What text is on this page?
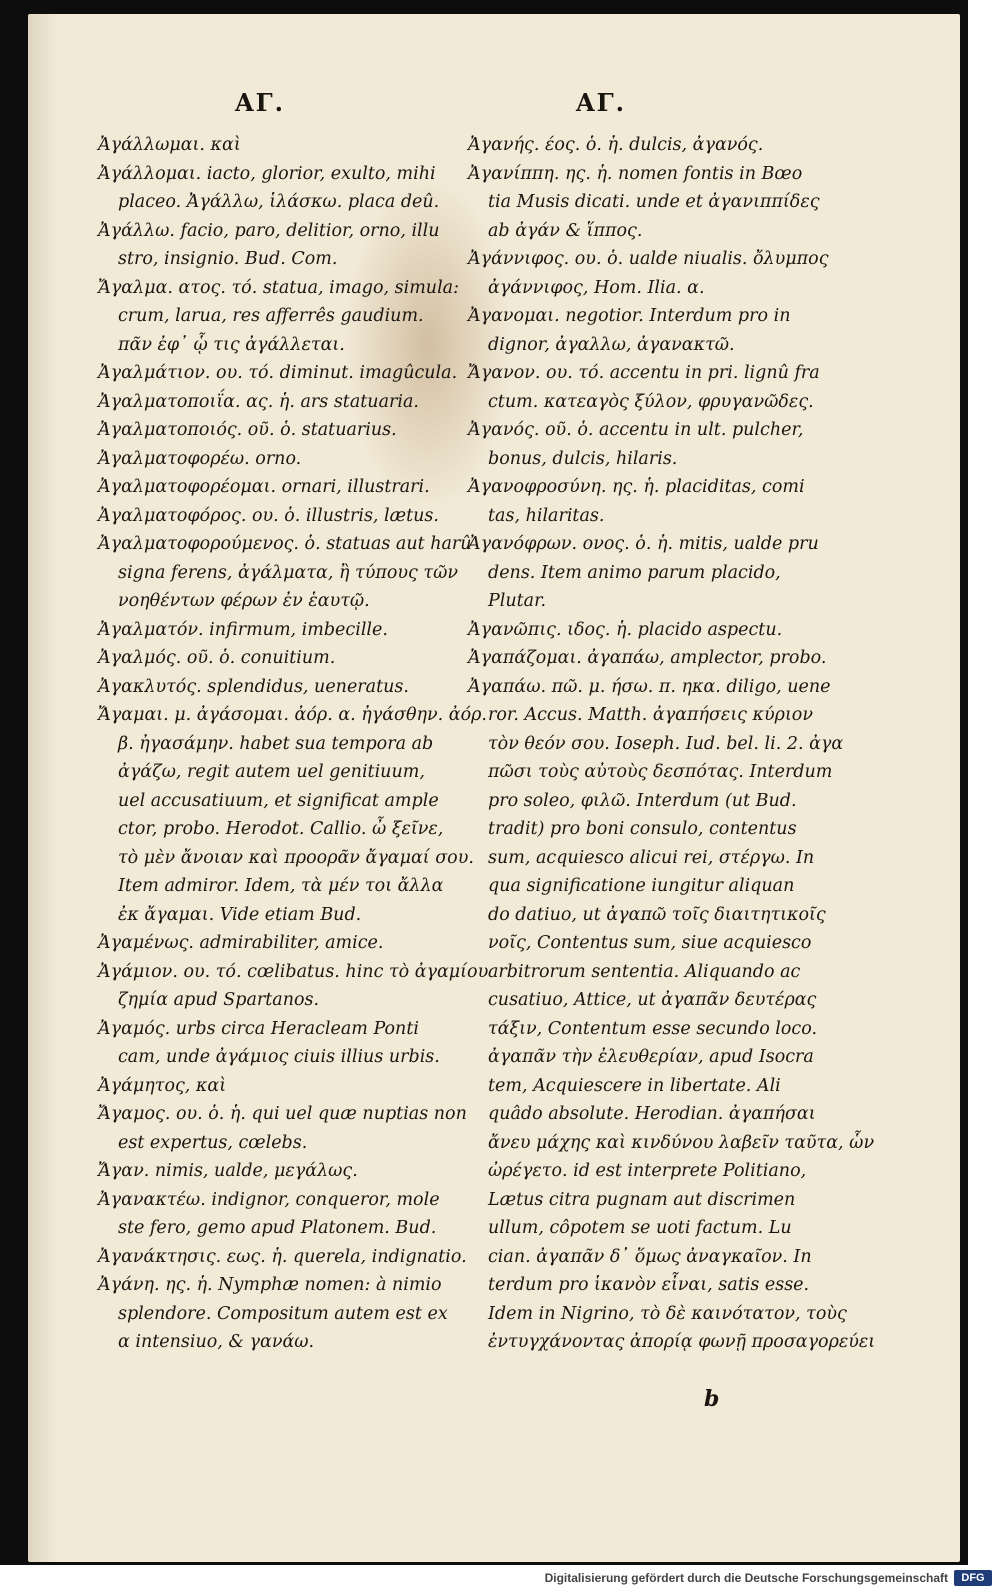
AΓ.	AΓ.
Ἀγάλλωμαι. καὶ
Ἀγάλλομαι. iacto, glorior, exulto, mihi
placeo. Ἀγάλλω, ἱλάσκω. placa deû.
Ἀγάλλω. facio, paro, delitior, orno, illu
stro, insignio. Bud. Com.
Ἄγαλμα. ατος. τό. statua, imago, simula:
crum, larua, res afferrês gaudium.
πᾶν ἐφ᾽ ᾧ τις ἀγάλλεται.
Ἀγαλμάτιον. ου. τό. diminut. imagûcula.
Ἀγαλματοποιΐα. ας. ἡ. ars statuaria.
Ἀγαλματοποιός. οῦ. ὁ. statuarius.
Ἀγαλματοφορέω. orno.
Ἀγαλματοφορέομαι. ornari, illustrari.
Ἀγαλματοφόρος. ου. ὁ. illustris, lætus.
Ἀγαλματοφορούμενος. ὁ. statuas aut harû
signa ferens, ἀγάλματα, ἢ τύπους τῶν
νοηθέντων φέρων ἐν ἑαυτῷ.
Ἀγαλματόν. infirmum, imbecille.
Ἀγαλμός. οῦ. ὁ. conuitium.
Ἀγακλυτός. splendidus, ueneratus.
Ἄγαμαι. μ. ἀγάσομαι. ἀόρ. α. ἠγάσθην. ἀόρ.
β. ἠγασάμην. habet sua tempora ab
ἀγάζω, regit autem uel genitiuum,
uel accusatiuum, et significat ample
ctor, probo. Herodot. Callio. ὦ ξεῖνε,
τὸ μὲν ἄνοιαν καὶ προορᾶν ἄγαμαί σου.
Item admiror. Idem, τὰ μέν τοι ἄλλα
ἐκ ἄγαμαι. Vide etiam Bud.
Ἀγαμένως. admirabiliter, amice.
Ἀγάμιον. ου. τό. cœlibatus. hinc τὸ ἀγαμίου
ζημία apud Spartanos.
Ἀγαμός. urbs circa Heracleam Ponti
cam, unde ἀγάμιος ciuis illius urbis.
Ἀγάμητος, καὶ
Ἄγαμος. ου. ὁ. ἡ. qui uel quæ nuptias non
est expertus, cœlebs.
Ἄγαν. nimis, ualde, μεγάλως.
Ἀγανακτέω. indignor, conqueror, mole
ste fero, gemo apud Platonem. Bud.
Ἀγανάκτησις. εως. ἡ. querela, indignatio.
Ἀγάνη. ης. ἡ. Nymphæ nomen: à nimio
splendore. Compositum autem est ex
α intensiuo, & γανάω.
Ἀγανής. έος. ὁ. ἡ. dulcis, ἀγανός.
Ἀγανίππη. ης. ἡ. nomen fontis in Bœo
tia Musis dicati. unde et ἀγανιππίδες
ab ἀγάν & ἵππος.
Ἀγάννιφος. ου. ὁ. ualde niualis. ὄλυμπος
ἀγάννιφος, Hom. Ilia. α.
Ἀγανομαι. negotior. Interdum pro in
dignor, ἀγαλλω, ἀγανακτῶ.
Ἄγανον. ου. τό. accentu in pri. lignû fra
ctum. κατεαγὸς ξύλον, φρυγανῶδες.
Ἀγανός. οῦ. ὁ. accentu in ult. pulcher,
bonus, dulcis, hilaris.
Ἀγανοφροσύνη. ης. ἡ. placiditas, comi
tas, hilaritas.
Ἀγανόφρων. ονος. ὁ. ἡ. mitis, ualde pru
dens. Item animo parum placido,
Plutar.
Ἀγανῶπις. ιδος. ἡ. placido aspectu.
Ἀγαπάζομαι. ἀγαπάω, amplector, probo.
Ἀγαπάω. πῶ. μ. ήσω. π. ηκα. diligo, uene
ror. Accus. Matth. ἀγαπήσεις κύριον
τὸν θεόν σου. Ioseph. Iud. bel. li. 2. ἀγα
πῶσι τοὺς αὐτοὺς δεσπότας. Interdum
pro soleo, φιλῶ. Interdum (ut Bud.
tradit) pro boni consulo, contentus
sum, acquiesco alicui rei, στέργω. In
qua significatione iungitur aliquan
do datiuo, ut ἀγαπῶ τοῖς διαιτητικοῖς
νοῖς, Contentus sum, siue acquiesco
arbitrorum sententia. Aliquando ac
cusatiuo, Attice, ut ἀγαπᾶν δευτέρας
τάξιν, Contentum esse secundo loco.
ἀγαπᾶν τὴν ἐλευθερίαν, apud Isocra
tem, Acquiescere in libertate. Ali
quâdo absolute. Herodian. ἀγαπήσαι
ἄνευ μάχης καὶ κινδύνου λαβεῖν ταῦτα, ὧν
ὠρέγετο. id est interprete Politiano,
Lætus citra pugnam aut discrimen
ullum, côpotem se uoti factum. Lu
cian. ἀγαπᾶν δ᾽ ὅμως ἀναγκαῖον. In
terdum pro ἱκανὸν εἶναι, satis esse.
Idem in Nigrino, τὸ δὲ καινότατον, τοὺς
ἐντυγχάνοντας ἀπορίᾳ φωνῇ προσαγορεύει
b
Digitalisierung gefördert durch die Deutsche Forschungsgemeinschaft	DFG
